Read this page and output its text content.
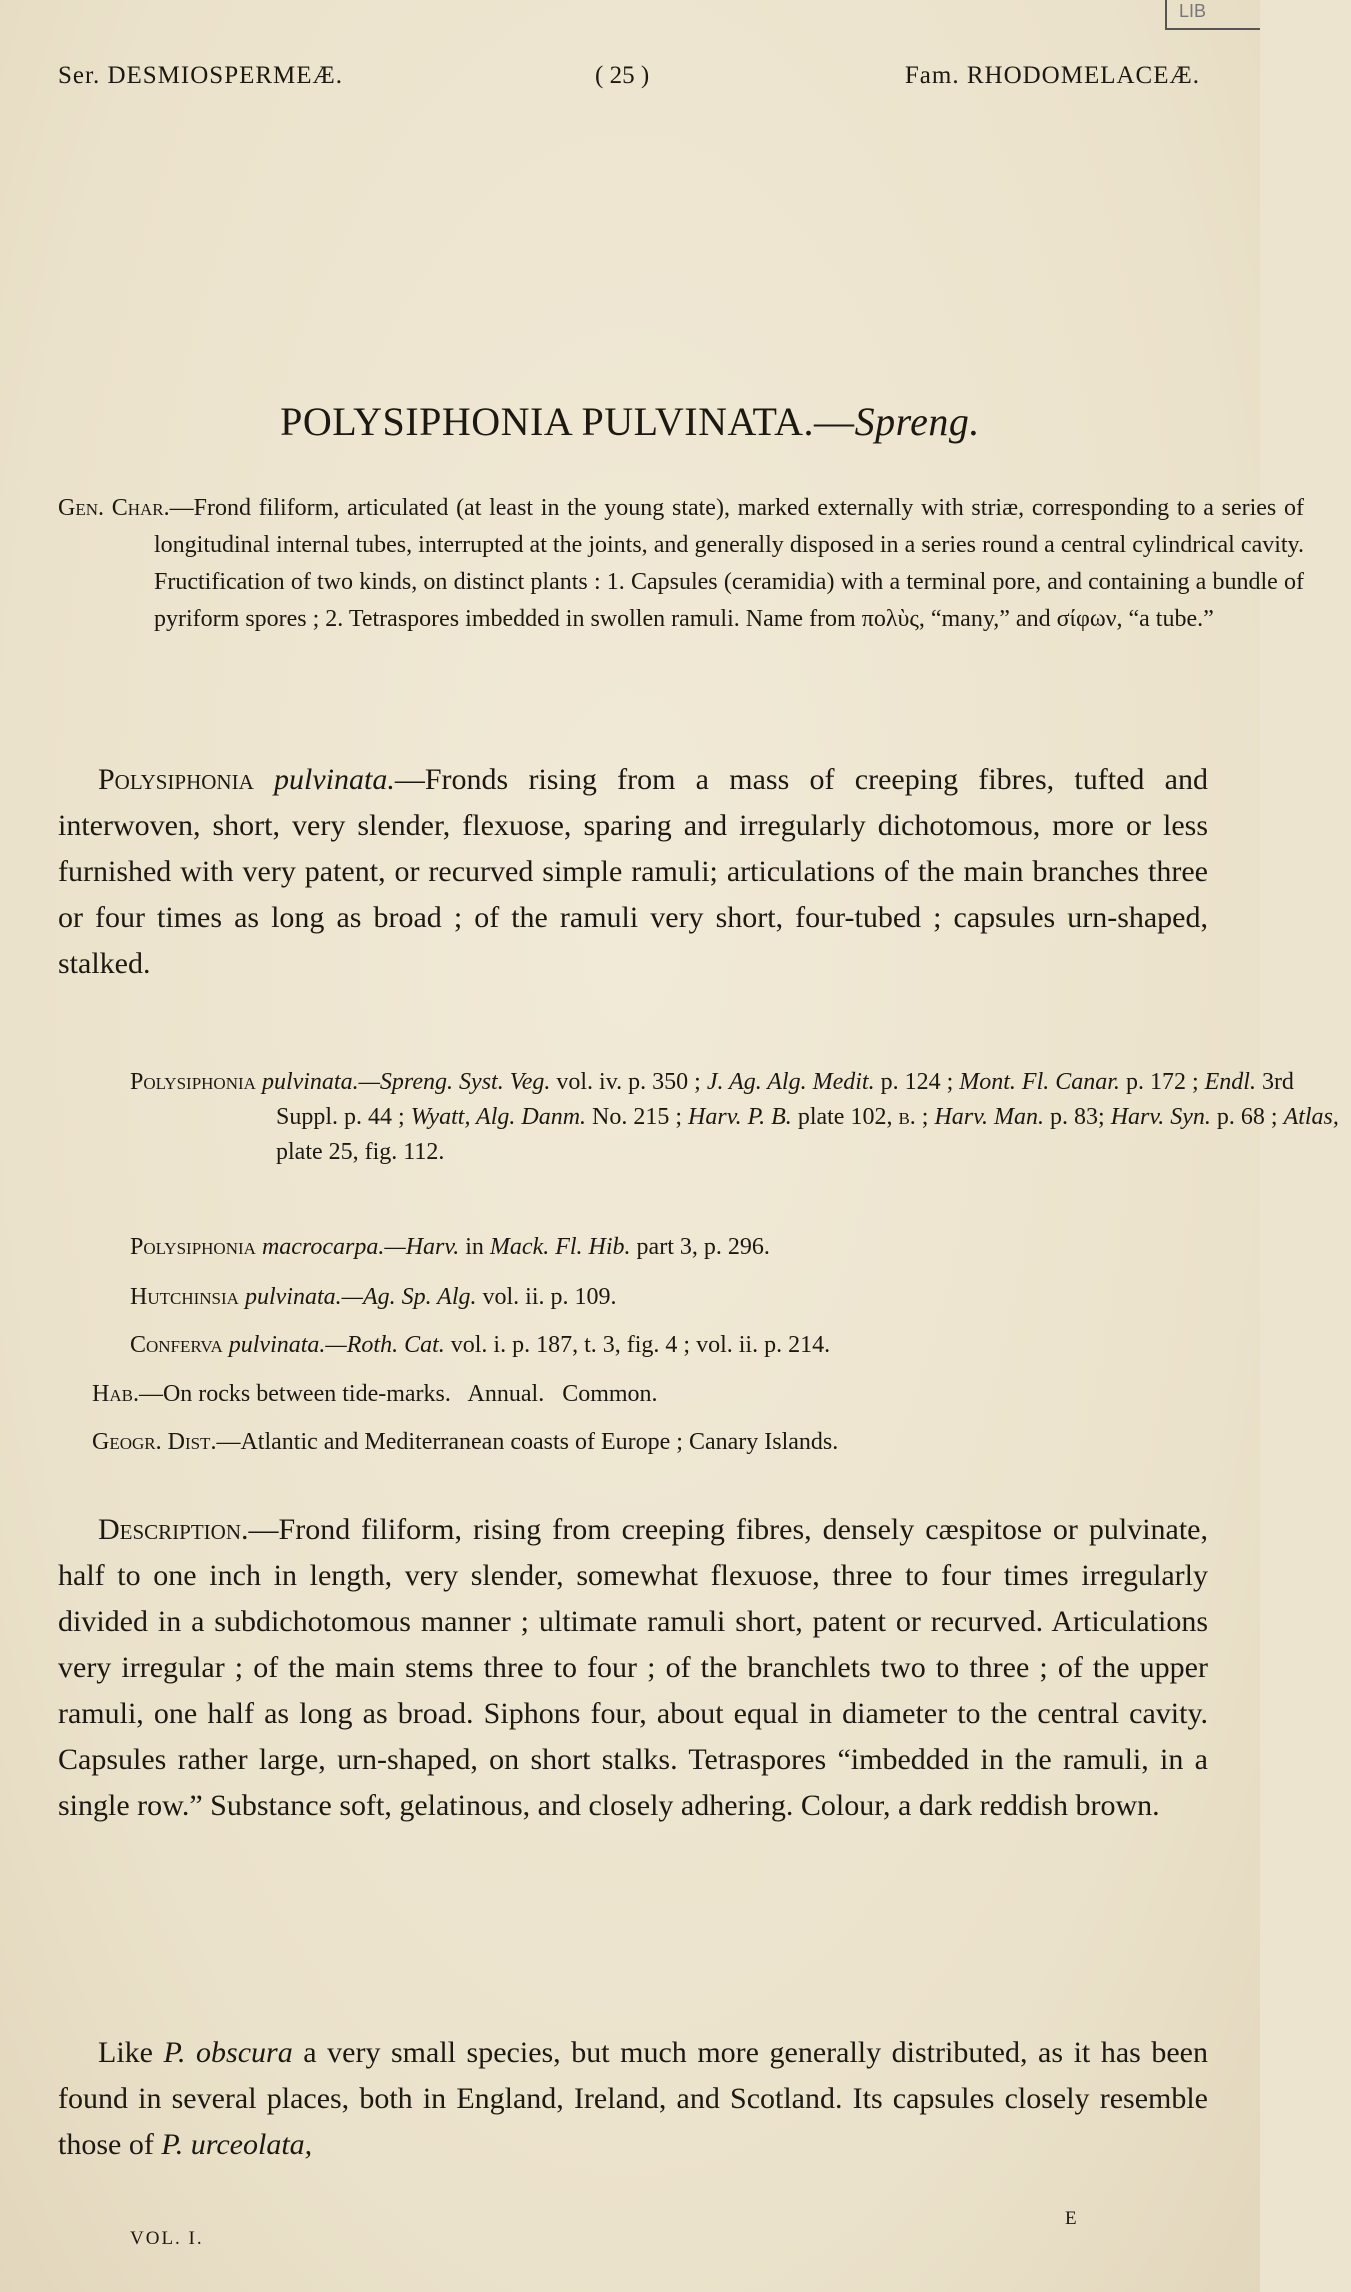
LIB
Ser. DESMIOSPERMEÆ.	( 25 )	Fam. RHODOMELACEÆ.
POLYSIPHONIA PULVINATA.—Spreng.
Gen. Char.—Frond filiform, articulated (at least in the young state), marked externally with striæ, corresponding to a series of longitudinal internal tubes, interrupted at the joints, and generally disposed in a series round a central cylindrical cavity. Fructification of two kinds, on distinct plants : 1. Capsules (ceramidia) with a terminal pore, and containing a bundle of pyriform spores ; 2. Tetraspores imbedded in swollen ramuli. Name from πολὺς, “many,” and σίφων, “a tube.”
Polysiphonia pulvinata.—Fronds rising from a mass of creeping fibres, tufted and interwoven, short, very slender, flexuose, sparing and irregularly dichotomous, more or less furnished with very patent, or recurved simple ramuli; articulations of the main branches three or four times as long as broad ; of the ramuli very short, four-tubed ; capsules urn-shaped, stalked.
Polysiphonia pulvinata.—Spreng. Syst. Veg. vol. iv. p. 350 ; J. Ag. Alg. Medit. p. 124 ; Mont. Fl. Canar. p. 172 ; Endl. 3rd Suppl. p. 44 ; Wyatt, Alg. Danm. No. 215 ; Harv. P. B. plate 102, b. ; Harv. Man. p. 83; Harv. Syn. p. 68 ; Atlas, plate 25, fig. 112.
Polysiphonia macrocarpa.—Harv. in Mack. Fl. Hib. part 3, p. 296.
Hutchinsia pulvinata.—Ag. Sp. Alg. vol. ii. p. 109.
Conferva pulvinata.—Roth. Cat. vol. i. p. 187, t. 3, fig. 4 ; vol. ii. p. 214.
Hab.—On rocks between tide-marks.   Annual.   Common.
Geogr. Dist.—Atlantic and Mediterranean coasts of Europe ; Canary Islands.
Description.—Frond filiform, rising from creeping fibres, densely cæspitose or pulvinate, half to one inch in length, very slender, somewhat flexuose, three to four times irregularly divided in a subdichotomous manner ; ultimate ramuli short, patent or recurved. Articulations very irregular ; of the main stems three to four ; of the branchlets two to three ; of the upper ramuli, one half as long as broad. Siphons four, about equal in diameter to the central cavity. Capsules rather large, urn-shaped, on short stalks. Tetraspores “imbedded in the ramuli, in a single row.” Substance soft, gelatinous, and closely adhering. Colour, a dark reddish brown.
Like P. obscura a very small species, but much more generally distributed, as it has been found in several places, both in England, Ireland, and Scotland. Its capsules closely resemble those of P. urceolata,
VOL. I.
E
